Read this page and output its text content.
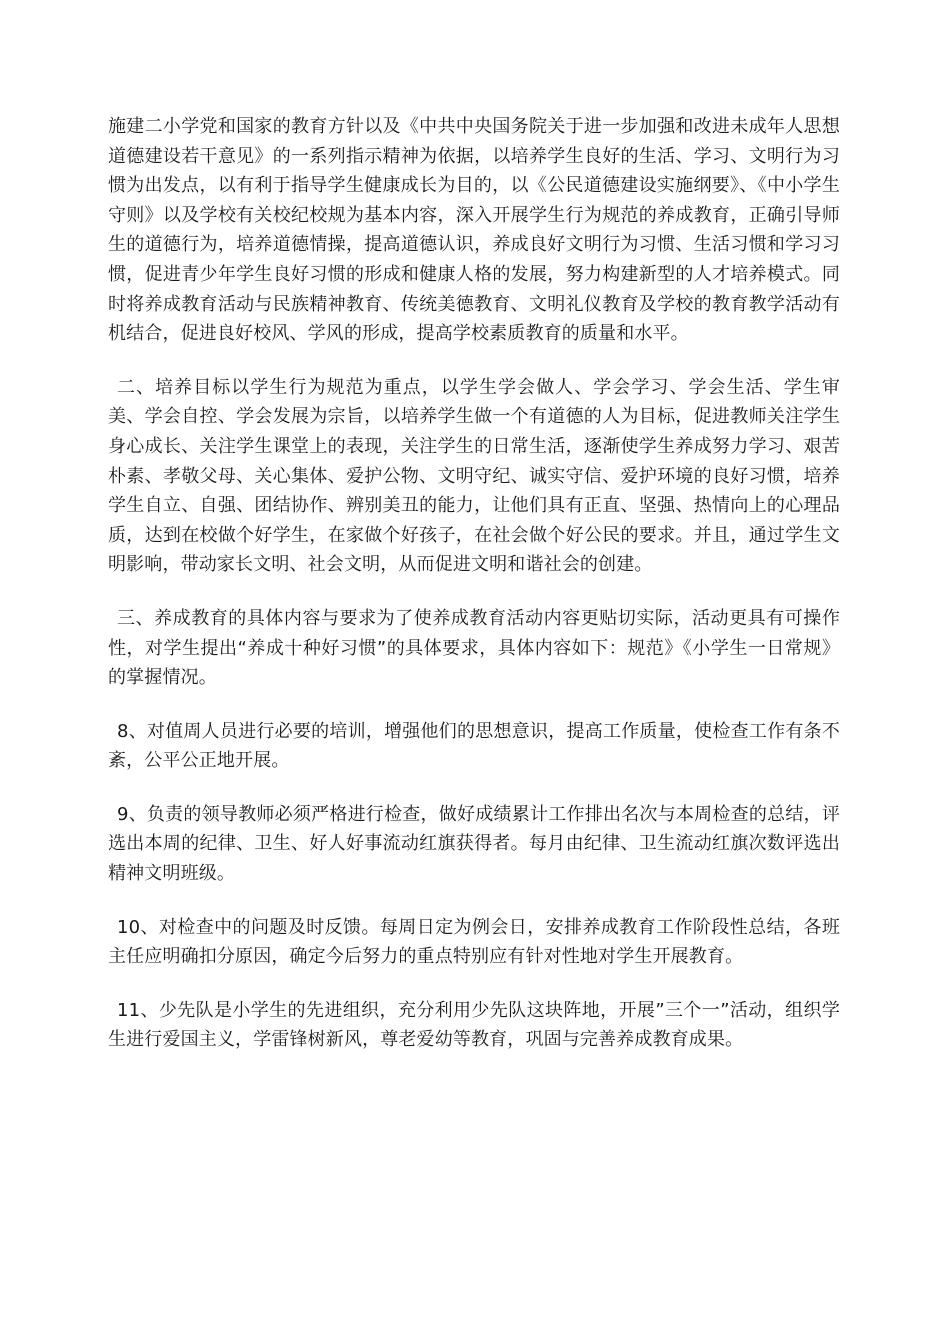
施建二小学党和国家的教育方针以及《中共中央国务院关于进一步加强和改进未成年人思想道德建设若干意见》的一系列指示精神为依据，以培养学生良好的生活、学习、文明行为习惯为出发点，以有利于指导学生健康成长为目的，以《公民道德建设实施纲要》、《中小学生守则》以及学校有关校纪校规为基本内容，深入开展学生行为规范的养成教育，正确引导师生的道德行为，培养道德情操，提高道德认识，养成良好文明行为习惯、生活习惯和学习习惯，促进青少年学生良好习惯的形成和健康人格的发展，努力构建新型的人才培养模式。同时将养成教育活动与民族精神教育、传统美德教育、文明礼仪教育及学校的教育教学活动有机结合，促进良好校风、学风的形成，提高学校素质教育的质量和水平。

二、培养目标以学生行为规范为重点，以学生学会做人、学会学习、学会生活、学生审美、学会自控、学会发展为宗旨，以培养学生做一个有道德的人为目标，促进教师关注学生身心成长、关注学生课堂上的表现，关注学生的日常生活，逐渐使学生养成努力学习、艰苦朴素、孝敬父母、关心集体、爱护公物、文明守纪、诚实守信、爱护环境的良好习惯，培养学生自立、自强、团结协作、辨别美丑的能力，让他们具有正直、坚强、热情向上的心理品质，达到在校做个好学生，在家做个好孩子，在社会做个好公民的要求。并且，通过学生文明影响，带动家长文明、社会文明，从而促进文明和谐社会的创建。

三、养成教育的具体内容与要求为了使养成教育活动内容更贴切实际，活动更具有可操作性，对学生提出“养成十种好习惯”的具体要求，具体内容如下：规范》《小学生一日常规》的掌握情况。

8、对值周人员进行必要的培训，增强他们的思想意识，提高工作质量，使检查工作有条不紊，公平公正地开展。

9、负责的领导教师必须严格进行检查，做好成绩累计工作排出名次与本周检查的总结，评选出本周的纪律、卫生、好人好事流动红旗获得者。每月由纪律、卫生流动红旗次数评选出精神文明班级。

10、对检查中的问题及时反馈。每周日定为例会日，安排养成教育工作阶段性总结，各班主任应明确扣分原因，确定今后努力的重点特别应有针对性地对学生开展教育。

11、少先队是小学生的先进组织，充分利用少先队这块阵地，开展”三个一”活动，组织学生进行爱国主义，学雷锋树新风，尊老爱幼等教育，巩固与完善养成教育成果。
